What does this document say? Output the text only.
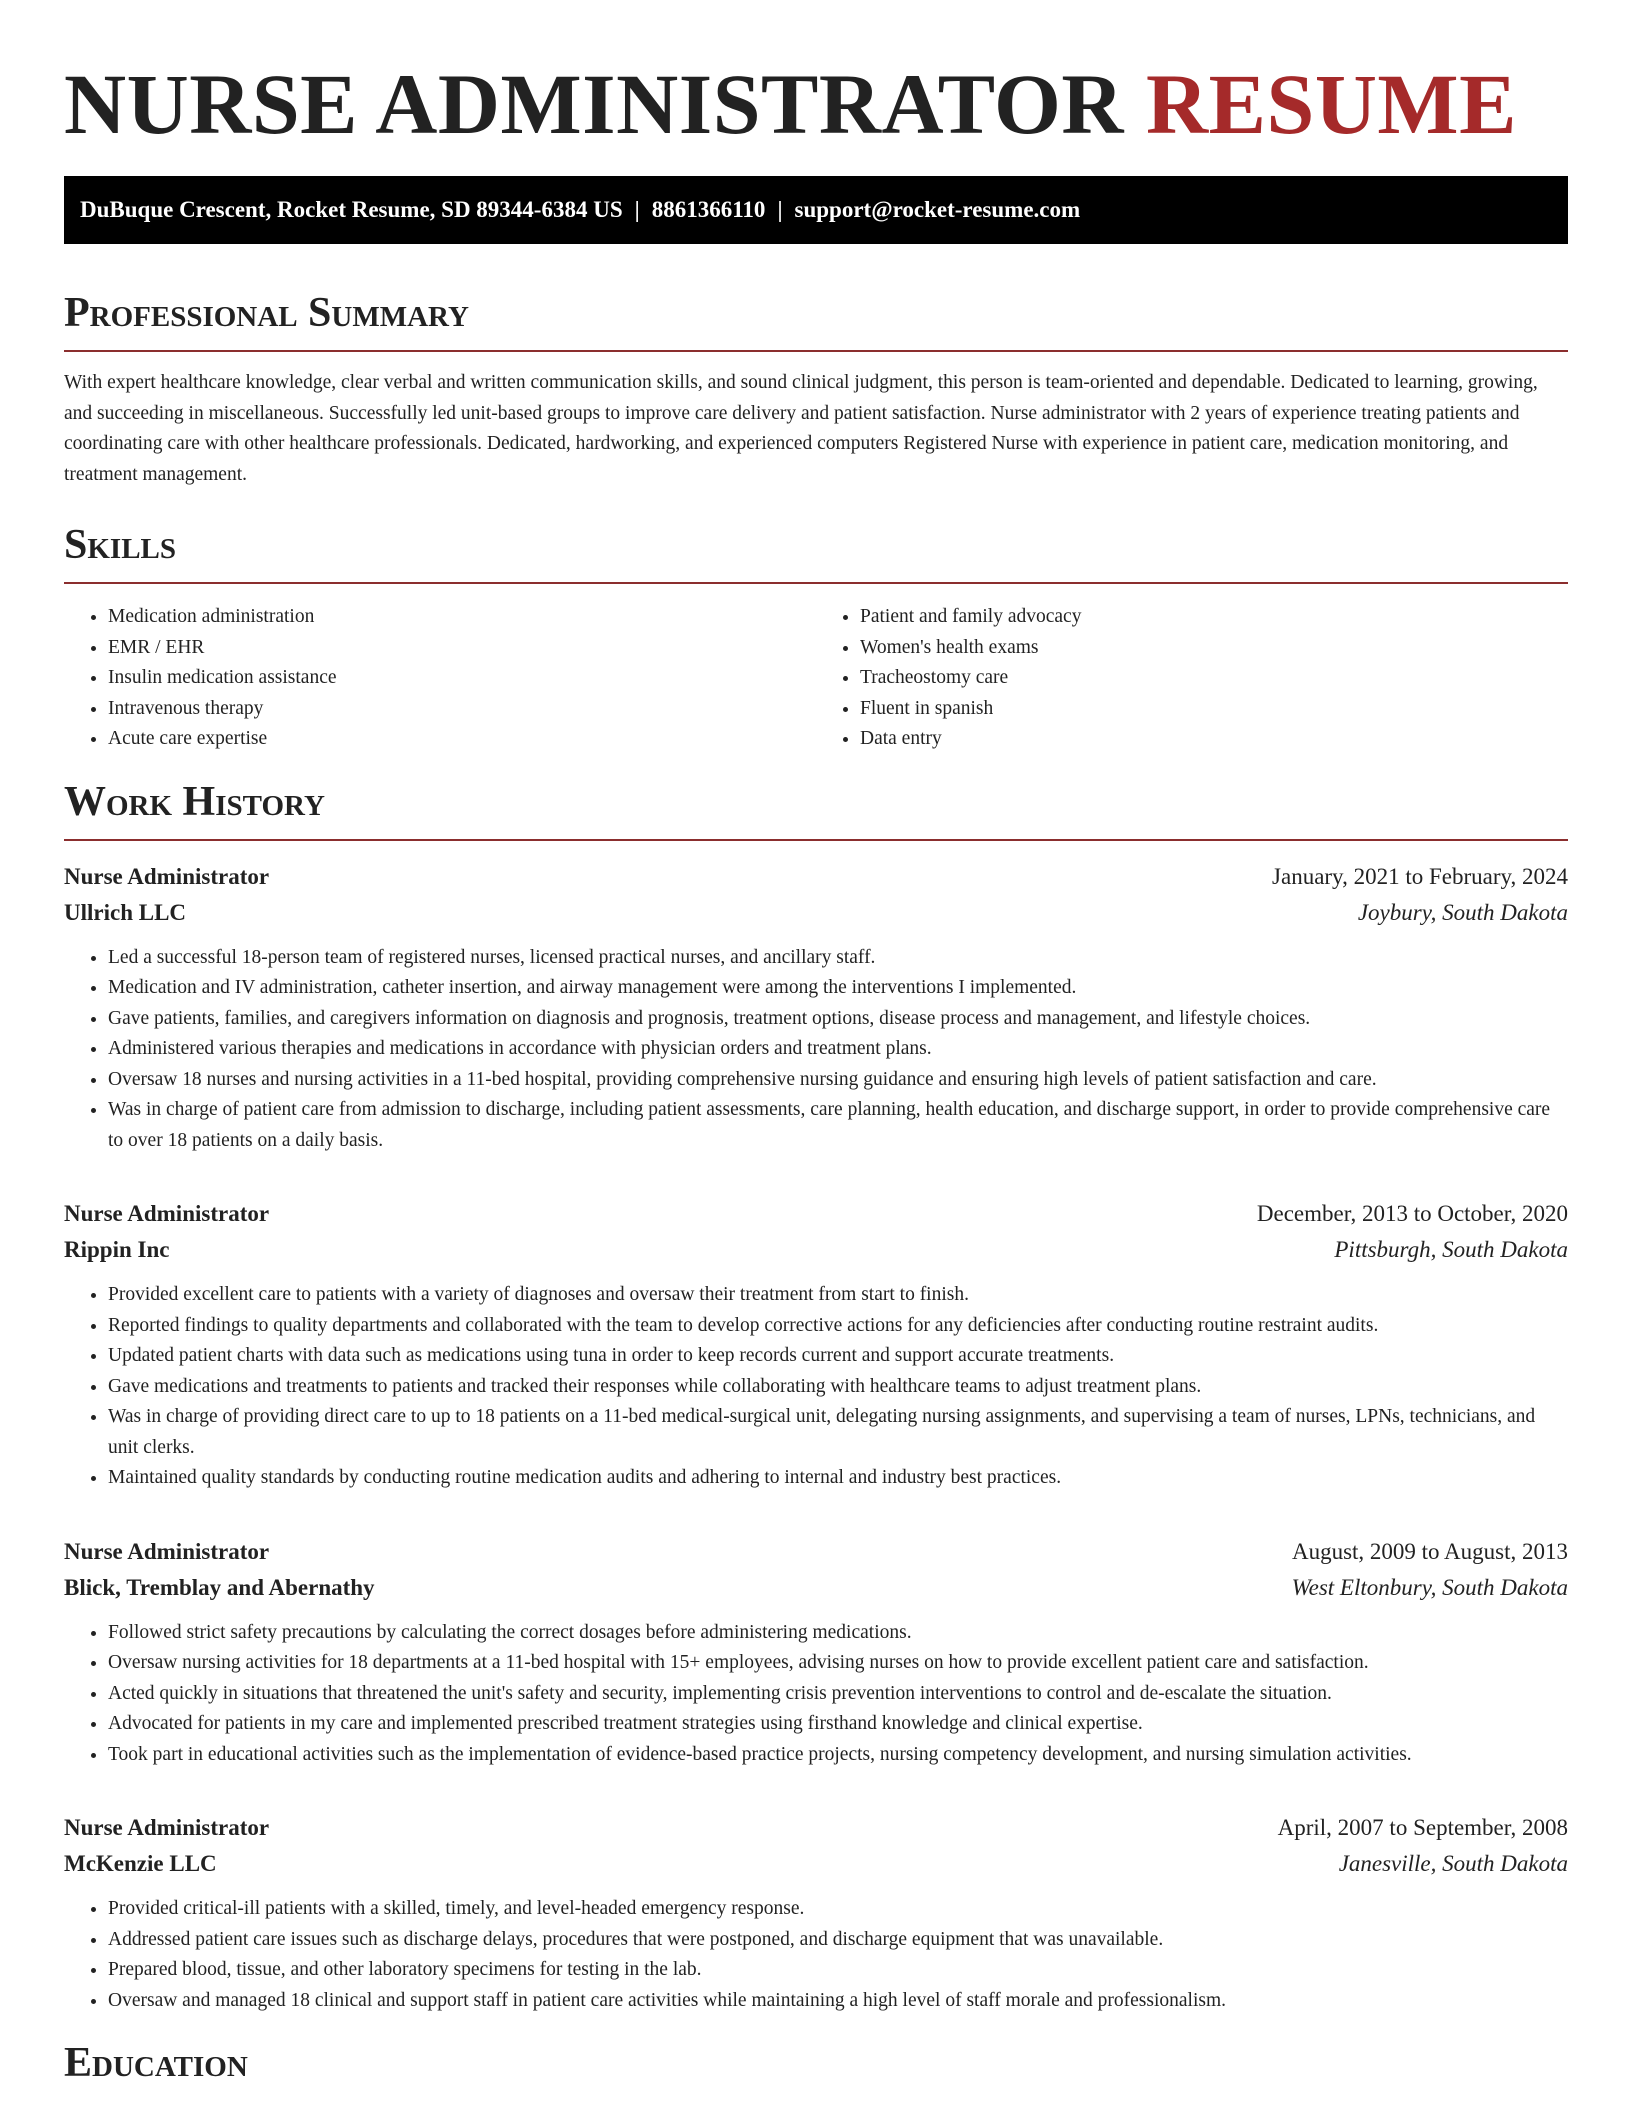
NURSE ADMINISTRATOR RESUME
DuBuque Crescent, Rocket Resume, SD 89344-6384 US | 8861366110 | support@rocket-resume.com
Professional Summary

With expert healthcare knowledge, clear verbal and written communication skills, and sound clinical judgment, this person is team-oriented and dependable. Dedicated to learning, growing, and succeeding in miscellaneous. Successfully led unit-based groups to improve care delivery and patient satisfaction. Nurse administrator with 2 years of experience treating patients and coordinating care with other healthcare professionals. Dedicated, hardworking, and experienced computers Registered Nurse with experience in patient care, medication monitoring, and treatment management.

Skills
• Medication administration
• EMR / EHR
• Insulin medication assistance
• Intravenous therapy
• Acute care expertise
• Patient and family advocacy
• Women's health exams
• Tracheostomy care
• Fluent in spanish
• Data entry
Work History
Nurse Administrator	January, 2021 to February, 2024
Ullrich LLC	Joybury, South Dakota
• Led a successful 18-person team of registered nurses, licensed practical nurses, and ancillary staff.
• Medication and IV administration, catheter insertion, and airway management were among the interventions I implemented.
• Gave patients, families, and caregivers information on diagnosis and prognosis, treatment options, disease process and management, and lifestyle choices.
• Administered various therapies and medications in accordance with physician orders and treatment plans.
• Oversaw 18 nurses and nursing activities in a 11-bed hospital, providing comprehensive nursing guidance and ensuring high levels of patient satisfaction and care.
• Was in charge of patient care from admission to discharge, including patient assessments, care planning, health education, and discharge support, in order to provide comprehensive care to over 18 patients on a daily basis.
Nurse Administrator	December, 2013 to October, 2020
Rippin Inc	Pittsburgh, South Dakota
• Provided excellent care to patients with a variety of diagnoses and oversaw their treatment from start to finish.
• Reported findings to quality departments and collaborated with the team to develop corrective actions for any deficiencies after conducting routine restraint audits.
• Updated patient charts with data such as medications using tuna in order to keep records current and support accurate treatments.
• Gave medications and treatments to patients and tracked their responses while collaborating with healthcare teams to adjust treatment plans.
• Was in charge of providing direct care to up to 18 patients on a 11-bed medical-surgical unit, delegating nursing assignments, and supervising a team of nurses, LPNs, technicians, and unit clerks.
• Maintained quality standards by conducting routine medication audits and adhering to internal and industry best practices.
Nurse Administrator	August, 2009 to August, 2013
Blick, Tremblay and Abernathy	West Eltonbury, South Dakota
• Followed strict safety precautions by calculating the correct dosages before administering medications.
• Oversaw nursing activities for 18 departments at a 11-bed hospital with 15+ employees, advising nurses on how to provide excellent patient care and satisfaction.
• Acted quickly in situations that threatened the unit's safety and security, implementing crisis prevention interventions to control and de-escalate the situation.
• Advocated for patients in my care and implemented prescribed treatment strategies using firsthand knowledge and clinical expertise.
• Took part in educational activities such as the implementation of evidence-based practice projects, nursing competency development, and nursing simulation activities.
Nurse Administrator	April, 2007 to September, 2008
McKenzie LLC	Janesville, South Dakota
• Provided critical-ill patients with a skilled, timely, and level-headed emergency response.
• Addressed patient care issues such as discharge delays, procedures that were postponed, and discharge equipment that was unavailable.
• Prepared blood, tissue, and other laboratory specimens for testing in the lab.
• Oversaw and managed 18 clinical and support staff in patient care activities while maintaining a high level of staff morale and professionalism.
Education
